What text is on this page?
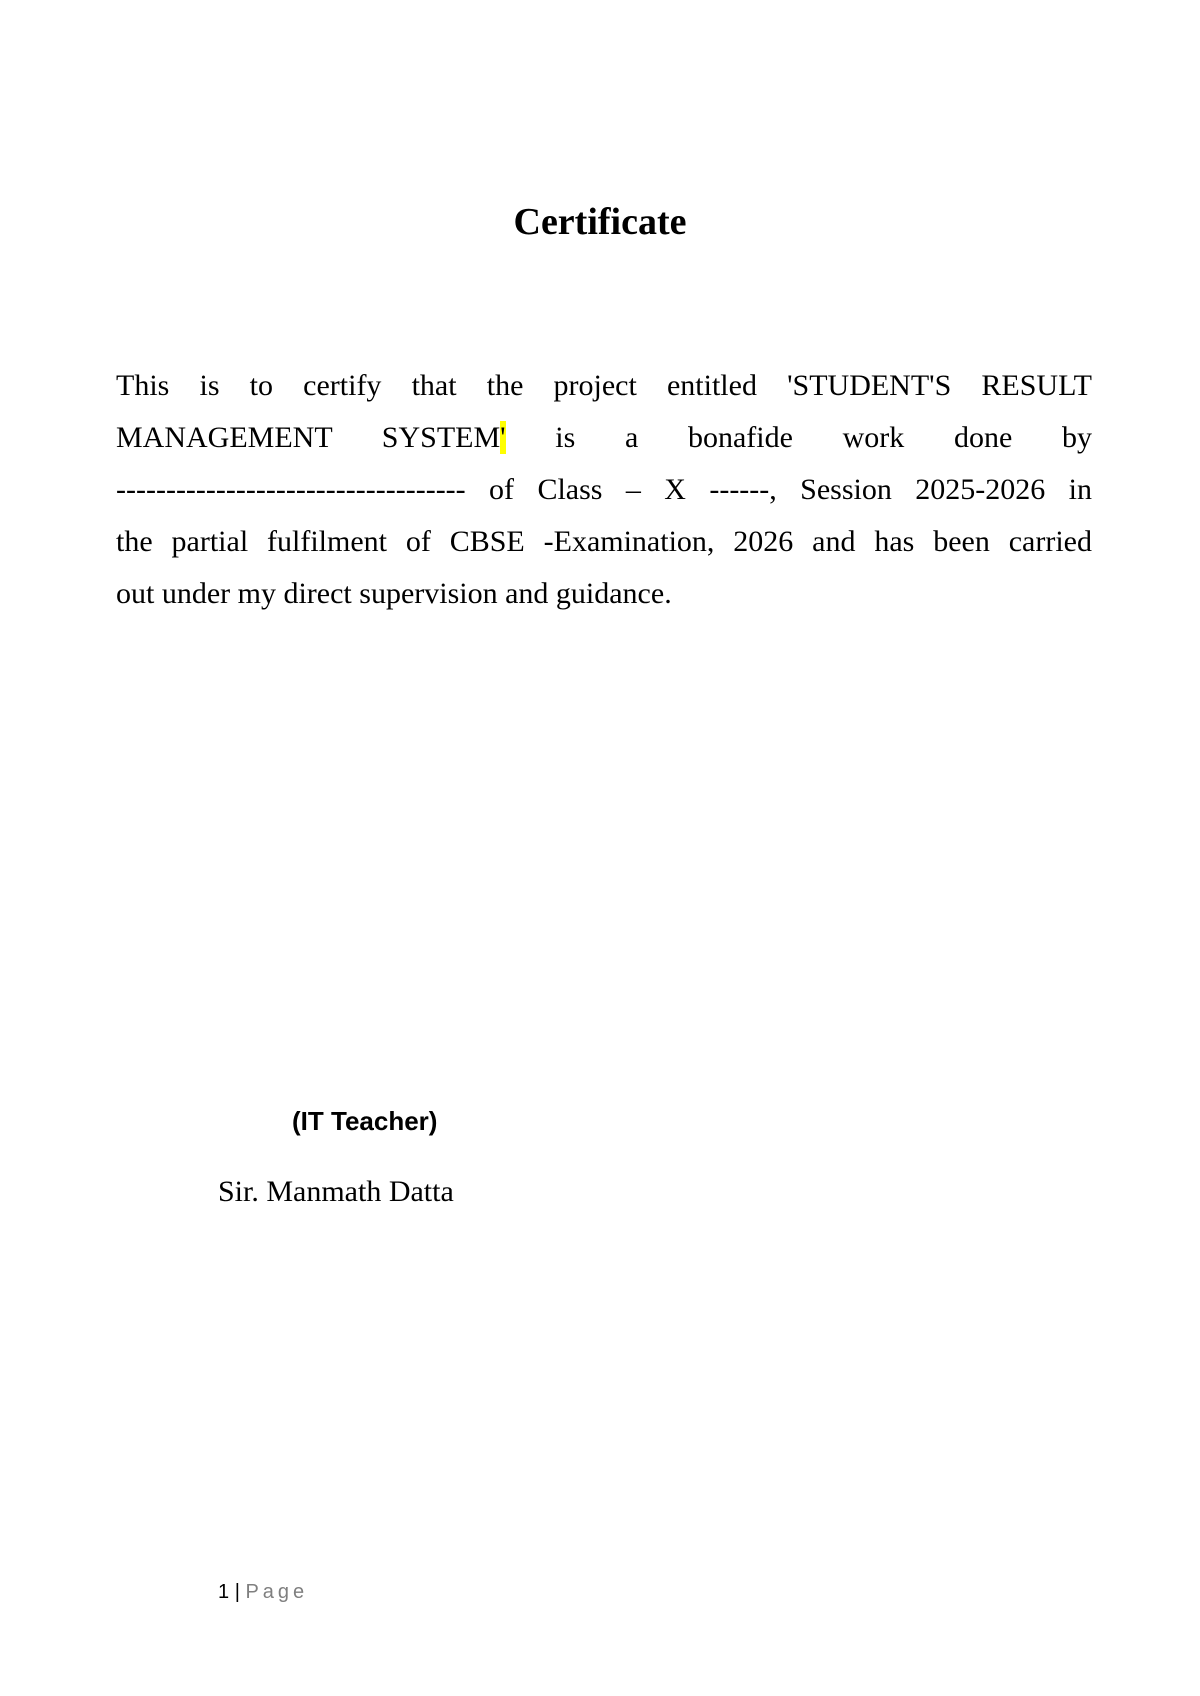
Certificate

This is to certify that the project entitled 'STUDENT'S RESULT
MANAGEMENT SYSTEM' is a bonafide work done by
----------------------------------- of Class – X ------, Session 2025-2026 in
the partial fulfilment of CBSE -Examination, 2026 and has been carried
out under my direct supervision and guidance.

(IT Teacher)

Sir. Manmath Datta

1 | Page
